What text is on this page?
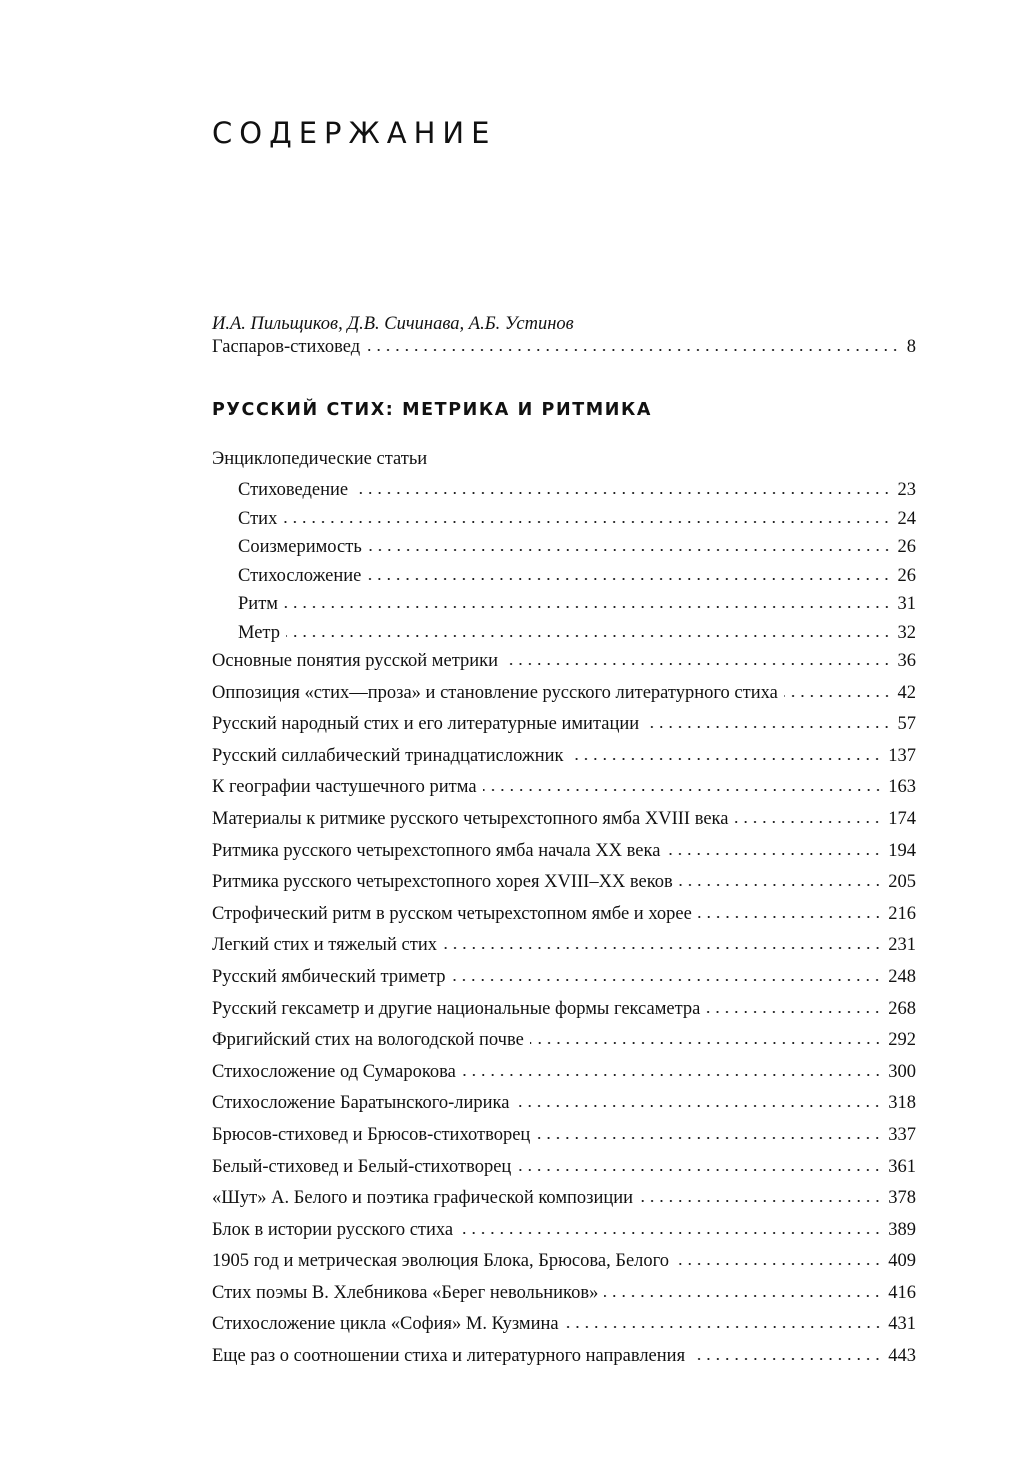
СОДЕРЖАНИЕ
И.А. Пильщиков, Д.В. Сичинава, А.Б. Устинов
Гаспаров-стиховед	8
РУССКИЙ СТИХ: МЕТРИКА И РИТМИКА
Энциклопедические статьи
Стиховедение	23
Стих	24
Соизмеримость	26
Стихосложение	26
Ритм	31
Метр	32
Основные понятия русской метрики	36
Оппозиция «стих—проза» и становление русского литературного стиха	42
Русский народный стих и его литературные имитации	57
Русский силлабический тринадцатисложник	137
К географии частушечного ритма	163
Материалы к ритмике русского четырехстопного ямба XVIII века	174
Ритмика русского четырехстопного ямба начала XX века	194
Ритмика русского четырехстопного хорея XVIII–XX веков	205
Строфический ритм в русском четырехстопном ямбе и хорее	216
Легкий стих и тяжелый стих	231
Русский ямбический триметр	248
Русский гексаметр и другие национальные формы гексаметра	268
Фригийский стих на вологодской почве	292
Стихосложение од Сумарокова	300
Стихосложение Баратынского-лирика	318
Брюсов-стиховед и Брюсов-стихотворец	337
Белый-стиховед и Белый-стихотворец	361
«Шут» А. Белого и поэтика графической композиции	378
Блок в истории русского стиха	389
1905 год и метрическая эволюция Блока, Брюсова, Белого	409
Стих поэмы В. Хлебникова «Берег невольников»	416
Стихосложение цикла «София» М. Кузмина	431
Еще раз о соотношении стиха и литературного направления	443
